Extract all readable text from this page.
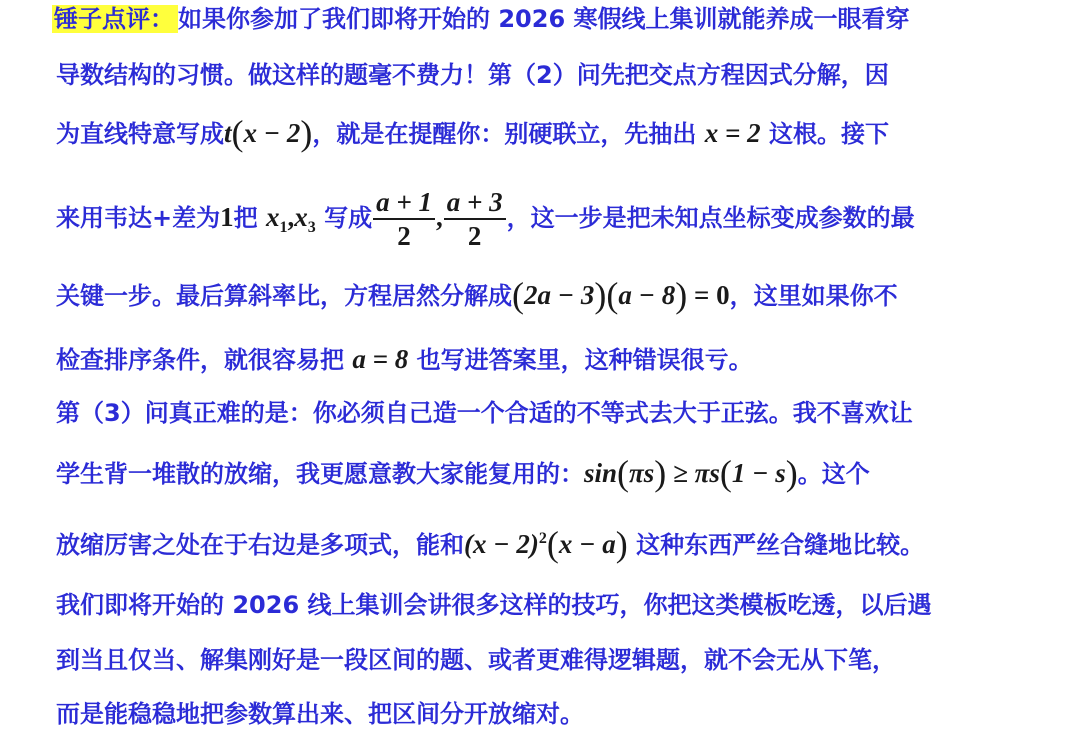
锤子点评： 如果你参加了我们即将开始的 2026 寒假线上集训就能养成一眼看穿
导数结构的习惯。做这样的题毫不费力！第（2）问先把交点方程因式分解，因
为直线特意写成t(x − 2)，就是在提醒你：别硬联立，先抽出 x = 2 这根。接下
来用韦达+差为1把 $x_1,x_3$ 写成 $\frac{a + 1}{2}$ , $\frac{a + 3}{2}$ ，这一步是把未知点坐标变成参数的最
关键一步。最后算斜率比，方程居然分解成(2a − 3)(a − 8) = 0，这里如果你不
检查排序条件，就很容易把 a = 8 也写进答案里，这种错误很亏。
第（3）问真正难的是：你必须自己造一个合适的不等式去大于正弦。我不喜欢让
学生背一堆散的放缩，我更愿意教大家能复用的：sin(πs) ≥ πs(1 − s)。这个
放缩厉害之处在于右边是多项式，能和$(x - 2)^2(x - a)$ 这种东西严丝合缝地比较。
我们即将开始的 2026 线上集训会讲很多这样的技巧，你把这类模板吃透，以后遇
到当且仅当、解集刚好是一段区间的题、或者更难得逻辑题，就不会无从下笔，
而是能稳稳地把参数算出来、把区间分开放缩对。
